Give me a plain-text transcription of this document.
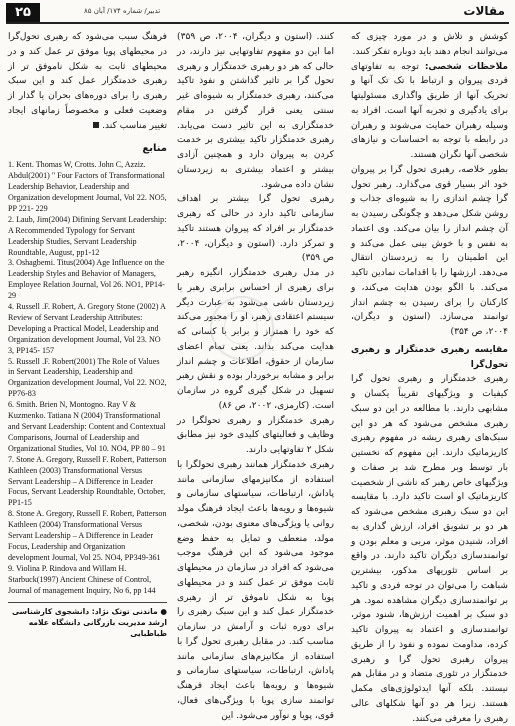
۲۵	تدبیر/ شماره ۱۷۴/ آبان ۸۵	مقالات

کوشش و تلاش و در مورد چیزی که می‌توانند انجام دهند باید دوباره تفکر کنند.

ملاحظات شخصی: توجه به تفاوتهای فردی پیروان و ارتباط با تک تک آنها و تحریک آنها از طریق واگذاری مسئولیتها برای یادگیری و تجربه آنها است. افراد به وسیله رهبران حمایت می‌شوند و رهبران در رابطه با توجه به احساسات و نیازهای شخصی آنها نگران هستند.

بطور خلاصه، رهبری تحول گرا بر پیروان خود اثر بسیار قوی می‌گذارد. رهبر تحول گرا چشم اندازی را به شیوه‌ای جذاب و روشن شکل می‌دهد و چگونگی رسیدن به آن چشم انداز را بیان می‌کند. وی اعتماد به نفس و با خوش بینی عمل می‌کند و این اطمینان را به زیردستان انتقال می‌دهد. ارزشها را با اقدامات نمادین تاکید می‌کند. با الگو بودن هدایت می‌کند، و کارکنان را برای رسیدن به چشم انداز توانمند می‌سازد. (استون و دیگران، ۲۰۰۴، ص ۳۵۴)

مقایسه رهبری خدمتگزار و رهبری تحول‌گرا

رهبری خدمتگزار و رهبری تحول گرا کیفیات و ویژگیهای تقریباً یکسان و مشابهی دارند. با مطالعه در این دو سبک رهبری مشخص می‌شود که هر دو این سبک‌های رهبری ریشه در مفهوم رهبری کاریزماتیک دارند. این مفهوم که نخستین بار توسط وبر مطرح شد بر صفات و ویژگیهای خاص رهبر که ناشی از شخصیت کاریزماتیک او است تاکید دارد. با مقایسه این دو سبک رهبری مشخص می‌شود که هر دو بر تشویق افراد، ارزش گذاری به افراد، شنیدن موثر، مربی و معلم بودن و توانمندسازی دیگران تاکید دارند. در واقع بر اساس تئوریهای مذکور، بیشترین شباهت را می‌توان در توجه فردی و تاکید بر توانمندسازی دیگران مشاهده نمود. هر دو سبک بر اهمیت ارزش‌ها، شنود موثر، توانمندسازی و اعتماد به پیروان تاکید کرده، مداومت نموده و نفوذ را از طریق پیروان رهبری تحول گرا و رهبری خدمتگزار در تئوری متضاد و در مقابل هم نیستند. بلکه آنها ایدئولوژی‌های مکمل هستند. زیرا هر دو آنها شکلهای عالی رهبری را معرفی می‌کنند.

کنند. (استون و دیگران، ۲۰۰۴، ص ۳۵۹) اما این دو مفهوم تفاوتهایی نیز دارند، در حالی که هر دو رهبری خدمتگزار و رهبری تحول گرا بر تاثیر گذاشتن و نفوذ تاکید می‌کنند، رهبری خدمتگزار به شیوه‌ای غیر سنتی یعنی قرار گرفتن در مقام خدمتگزاری به این تاثیر دست می‌یابد. رهبری خدمتگزار تاکید بیشتری بر خدمت کردن به پیروان دارد و همچنین آزادی بیشتر و اعتماد بیشتری به زیردستان نشان داده می‌شود.

رهبری تحول گرا بیشتر بر اهداف سازمانی تاکید دارد در حالی که رهبری خدمتگزار بر افراد که پیروان هستند تاکید و تمرکز دارد. (استون و دیگران، ۲۰۰۴، ص ۳۵۹)

در مدل رهبری خدمتگزار، انگیزه رهبر برای رهبری از احساس برابری رهبر با زیردستان ناشی می‌شود به عبارت دیگر سیستم اعتقادی رهبر، او را مجبور می‌کند که خود را همتراز و برابر با کسانی که هدایت می‌کند بداند. یعنی تمام اعضای سازمان از حقوق، اطلاعات و چشم انداز برابر و مشابه برخوردار بوده و نقش رهبر تسهیل در شکل گیری گروه در سازمان است. (کارمزی، ۲۰۰۲، ص ۸۶)

رهبری خدمتگزار و رهبری تحولگرا در وظایف و فعالیتهای کلیدی خود نیز مطابق شکل ۲ تفاوتهایی دارند.

رهبری خدمتگزار همانند رهبری تحولگرا با استفاده از مکانیزمهای سازمانی مانند پاداش، ارتباطات، سیاستهای سازمانی و شیوه‌ها و رویه‌ها باعث ایجاد فرهنگ مولد روانی یا ویژگی‌های معنوی بودن، شخصی، مولد، منعطف و تمایل به حفظ وضع موجود می‌شود که این فرهنگ موجب می‌شود که افراد در سازمان در محیطهای ثابت موفق تر عمل کنند و در محیطهای پویا به شکل ناموفق تر از رهبری خدمتگزار عمل کند و این سبک رهبری را برای دوره ثبات و آرامش در سازمان مناسب کند. در مقابل رهبری تحول گرا با استفاده از مکانیزم‌های سازمانی مانند پاداش، ارتباطات، سیاستهای سازمانی و شیوه‌ها و رویه‌ها باعث ایجاد فرهنگ توانمند سازی پویا با ویژگی‌های فعال، قوی، پویا و نوآور می‌شود. این

فرهنگ سبب می‌شود که رهبری تحول‌گرا در محیطهای پویا موفق تر عمل کند و در محیطهای ثابت به شکل ناموفق تر از رهبری خدمتگزار عمل کند و این سبک رهبری را برای دوره‌های بحران یا گذار از وضعیت فعلی و مخصوصاً زمانهای ایجاد تغییر مناسب کند.

منابع
1. Kent. Thomas W, Crotts. John C, Azziz. Abdul(2001) " Four Factors of Transformational Leadership Behavior, Leadership and Organization development Journal, Vol 22. NO5, PP 221- 229
2. Laub, Jim(2004) Difining Servant Leadership: A Recommended Typology for Servant Leadership Studies, Servant Leadership Roundtable, August, pp1-12
3. Oshagbemi. Titus(2004) Age Influence on the Leadership Styles and Behavior of Managers, Employee Relation Journal, Vol 26. NO1, PP14-29
4. Russell .F. Robert, A. Gregory Stone (2002) A Review of Servant Leadership Attributes: Developing a Practical Model, Leadership and Organization development Journal, Vol 23. NO 3, PP145- 157
5. Russell .F. Robert(2001) The Role of Values in Servant Leadership, Leadership and Organization development Journal, Vol 22. NO2, PP76-83
6. Smith. Brien N, Montogno. Ray V & Kuzmenko. Tatiana N (2004) Transformational and Servant Leadership: Content and Contextual Comparisons, Journal of Leadership and Organizational Studies, Vol 10. NO4, PP 80 – 91
7. Stone A. Gregory, Russell F. Robert, Patterson Kathleen (2003) Transformational Versus Servant Leadership – A Difference in Leader Focus, Servant Leadership Roundtable, October, PP1-15
8. Stone A. Gregory, Russell F. Robert, Patterson Kathleen (2004) Transformational Versus Servant Leadership – A Difference in Leader Focus, Leadership and Organization development Journal, Vol 25. NO4, PP349-361
9. Violina P. Rindova and Willam H. Starbuck(1997) Ancient Chinese of Control, Journal of management Inquiry, No 6, pp 144
● ماندنی توتک نژاد: دانشجوی کارشناسی ارشد مدیریت بازرگانی دانشگاه علامه طباطبایی
